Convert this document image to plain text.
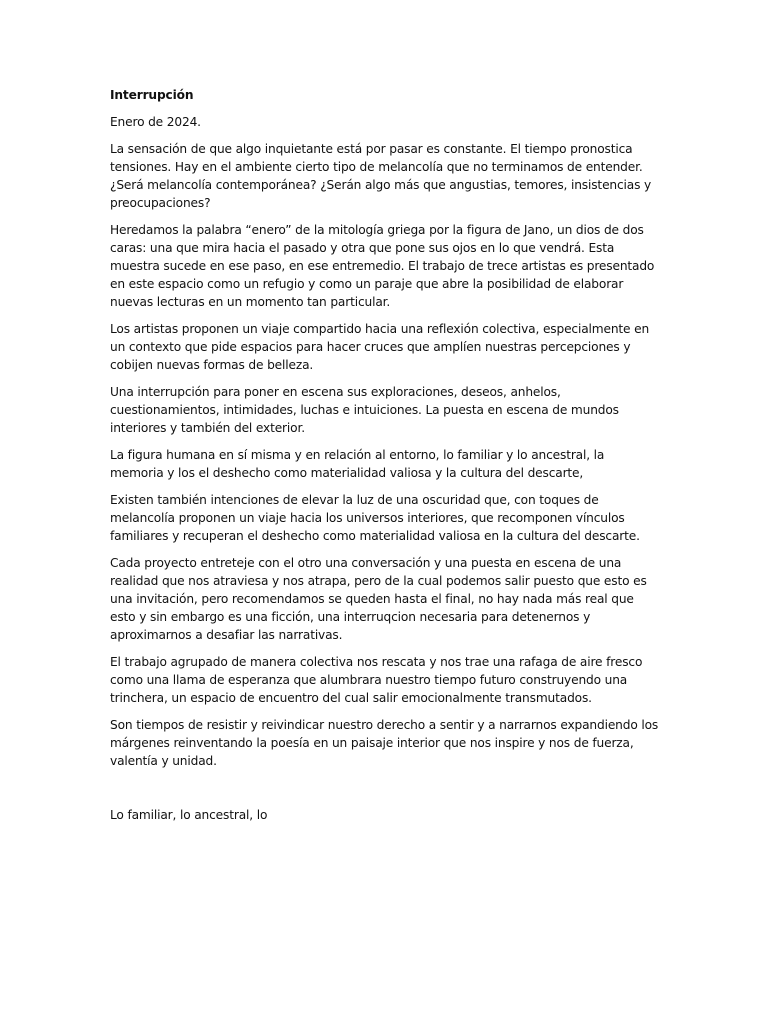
Interrupción

Enero de 2024.

La sensación de que algo inquietante está por pasar es constante. El tiempo pronostica tensiones. Hay en el ambiente cierto tipo de melancolía que no terminamos de entender. ¿Será melancolía contemporánea? ¿Serán algo más que angustias, temores, insistencias y preocupaciones?

Heredamos la palabra “enero” de la mitología griega por la figura de Jano, un dios de dos caras: una que mira hacia el pasado y otra que pone sus ojos en lo que vendrá. Esta muestra sucede en ese paso, en ese entremedio. El trabajo de trece artistas es presentado en este espacio como un refugio y como un paraje que abre la posibilidad de elaborar nuevas lecturas en un momento tan particular.

Los artistas proponen un viaje compartido hacia una reflexión colectiva, especialmente en un contexto que pide espacios para hacer cruces que amplíen nuestras percepciones y cobijen nuevas formas de belleza.

Una interrupción para poner en escena sus exploraciones, deseos, anhelos, cuestionamientos, intimidades, luchas e intuiciones. La puesta en escena de mundos interiores y también del exterior.

La figura humana en sí misma y en relación al entorno, lo familiar y lo ancestral, la memoria y los el deshecho como materialidad valiosa y la cultura del descarte,

Existen también intenciones de elevar la luz de una oscuridad que, con toques de melancolía proponen un viaje hacia los universos interiores, que recomponen vínculos familiares y recuperan el deshecho como materialidad valiosa en la cultura del descarte.

Cada proyecto entreteje con el otro una conversación y una puesta en escena de una realidad que nos atraviesa y nos atrapa, pero de la cual podemos salir puesto que esto es una invitación, pero recomendamos se queden hasta el final, no hay nada más real que esto y sin embargo es una ficción, una interruqcion necesaria para detenernos y aproximarnos a desafiar las narrativas.

El trabajo agrupado de manera colectiva nos rescata y nos trae una rafaga de aire fresco como una llama de esperanza que alumbrara nuestro tiempo futuro construyendo una trinchera, un espacio de encuentro del cual salir emocionalmente transmutados.

Son tiempos de resistir y reivindicar nuestro derecho a sentir y a narrarnos expandiendo los márgenes reinventando la poesía en un paisaje interior que nos inspire y nos de fuerza, valentía y unidad.

Lo familiar, lo ancestral, lo
